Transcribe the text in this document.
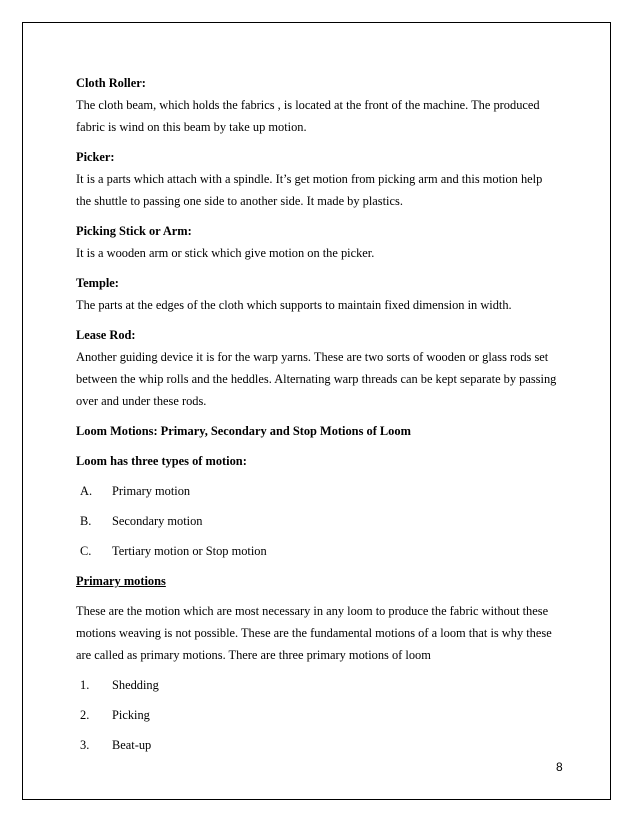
Cloth Roller:

The cloth beam, which holds the fabrics , is located at the front of the machine. The produced

fabric is wind on this beam by take up motion.

Picker:

It is a parts which attach with a spindle. It’s get motion from picking arm and this motion help

the shuttle to passing one side to another side. It made by plastics.

Picking Stick or Arm:

It is a wooden arm or stick which give motion on the picker.

Temple:

The parts at the edges of the cloth which supports to maintain fixed dimension in width.

Lease Rod:

Another guiding device it is for the warp yarns. These are two sorts of wooden or glass rods set

between the whip rolls and the heddles. Alternating warp threads can be kept separate by passing

over and under these rods.

Loom Motions: Primary, Secondary and Stop Motions of Loom

Loom has three types of motion:

A.	Primary motion
B.	Secondary motion
C.	Tertiary motion or Stop motion

Primary motions

These are the motion which are most necessary in any loom to produce the fabric without these

motions weaving is not possible. These are the fundamental motions of a loom that is why these

are called as primary motions. There are three primary motions of loom

1.	Shedding
2.	Picking
3.	Beat-up
8
